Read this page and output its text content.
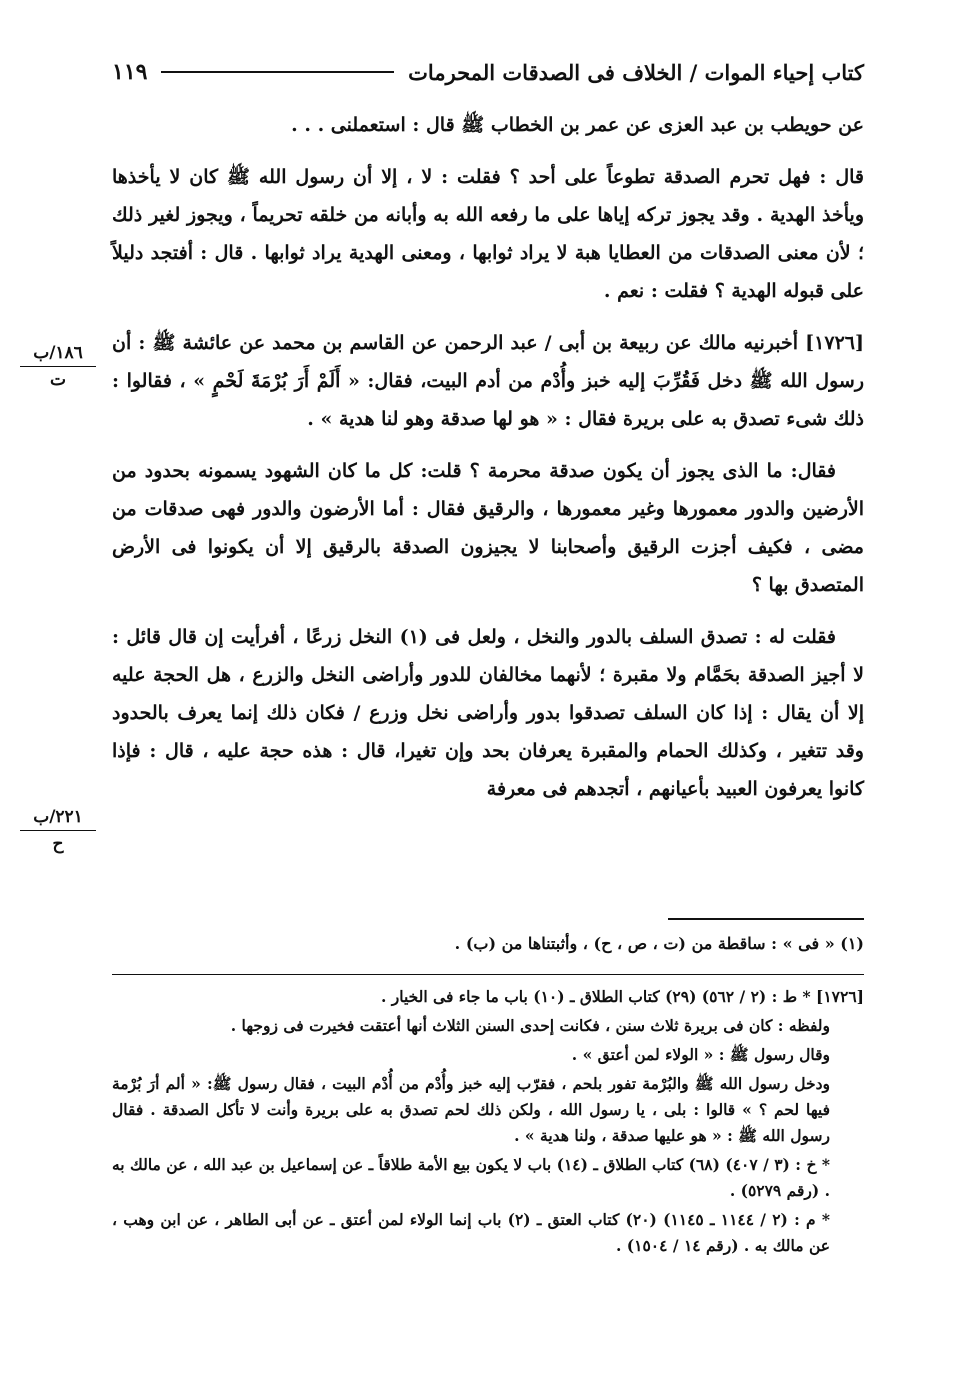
كتاب إحياء الموات / الخلاف فى الصدقات المحرمات
١١٩

عن حويطب بن عبد العزى عن عمر بن الخطاب ﷺ قال : استعملنى . . .

قال : فهل تحرم الصدقة تطوعاً على أحد ؟ فقلت : لا ، إلا أن رسول الله ﷺ كان لا يأخذها ويأخذ الهدية . وقد يجوز تركه إياها على ما رفعه الله به وأبانه من خلقه تحريماً ، ويجوز لغير ذلك ؛ لأن معنى الصدقات من العطايا هبة لا يراد ثوابها ، ومعنى الهدية يراد ثوابها . قال : أفتجد دليلاً على قبوله الهدية ؟ فقلت : نعم .

[١٧٢٦] أخبرنيه مالك عن ربيعة بن أبى / عبد الرحمن عن القاسم بن محمد عن عائشة ﷺ : أن رسول الله ﷺ دخل فَقُرِّبَ إليه خبز وأُدْم من أدم البيت، فقال: « أَلَمْ أَرَ بُرْمَةَ لَحْمٍ » ، فقالوا : ذلك شىء تصدق به على بريرة فقال : « هو لها صدقة وهو لنا هدية » .

فقال: ما الذى يجوز أن يكون صدقة محرمة ؟ قلت: كل ما كان الشهود يسمونه بحدود من الأرضين والدور معمورها وغير معمورها ، والرقيق فقال : أما الأرضون والدور فهى صدقات من مضى ، فكيف أجزت الرقيق وأصحابنا لا يجيزون الصدقة بالرقيق إلا أن يكونوا فى الأرض المتصدق بها ؟

فقلت له : تصدق السلف بالدور والنخل ، ولعل فى (١) النخل زرعًا ، أفرأيت إن قال قائل : لا أجيز الصدقة بحَمَّام ولا مقبرة ؛ لأنهما مخالفان للدور وأراضى النخل والزرع ، هل الحجة عليه إلا أن يقال : إذا كان السلف تصدقوا بدور وأراضى نخل وزرع / فكان ذلك إنما يعرف بالحدود وقد تتغير ، وكذلك الحمام والمقبرة يعرفان بحد وإن تغيرا، قال : هذه حجة عليه ، قال : فإذا كانوا يعرفون العبيد بأعيانهم ، أتجدهم فى معرفة

١٨٦/ب
ت
٢٢١/ب
ح
(١) « فى » : ساقطة من (ت ، ص ، ح) ، وأثبتناها من (ب) .

[١٧٢٦] * ط : (٢ / ٥٦٢) (٢٩) كتاب الطلاق ـ (١٠) باب ما جاء فى الخيار .

ولفظه : كان فى بريرة ثلاث سنن ، فكانت إحدى السنن الثلاث أنها أعتقت فخيرت فى زوجها .

وقال رسول ﷺ : « الولاء لمن أعتق » .

ودخل رسول الله ﷺ والبُرْمة تفور بلحم ، فقرّب إليه خبز وأُدْم من أُدْم البيت ، فقال رسول ﷺ: « ألم أرَ بُرْمة فيها لحم ؟ » قالوا : بلى ، يا رسول الله ، ولكن ذلك لحم تصدق به على بريرة وأنت لا تأكل الصدقة . فقال رسول الله ﷺ : « هو عليها صدقة ، ولنا هدية » .

* خ : (٣ / ٤٠٧) (٦٨) كتاب الطلاق ـ (١٤) باب لا يكون بيع الأمة طلاقاً ـ عن إسماعيل بن عبد الله ، عن مالك به . (رقم ٥٢٧٩) .

* م : (٢ / ١١٤٤ ـ ١١٤٥) (٢٠) كتاب العتق ـ (٢) باب إنما الولاء لمن أعتق ـ عن أبى الطاهر ، عن ابن وهب ، عن مالك به . (رقم ١٤ / ١٥٠٤) .
